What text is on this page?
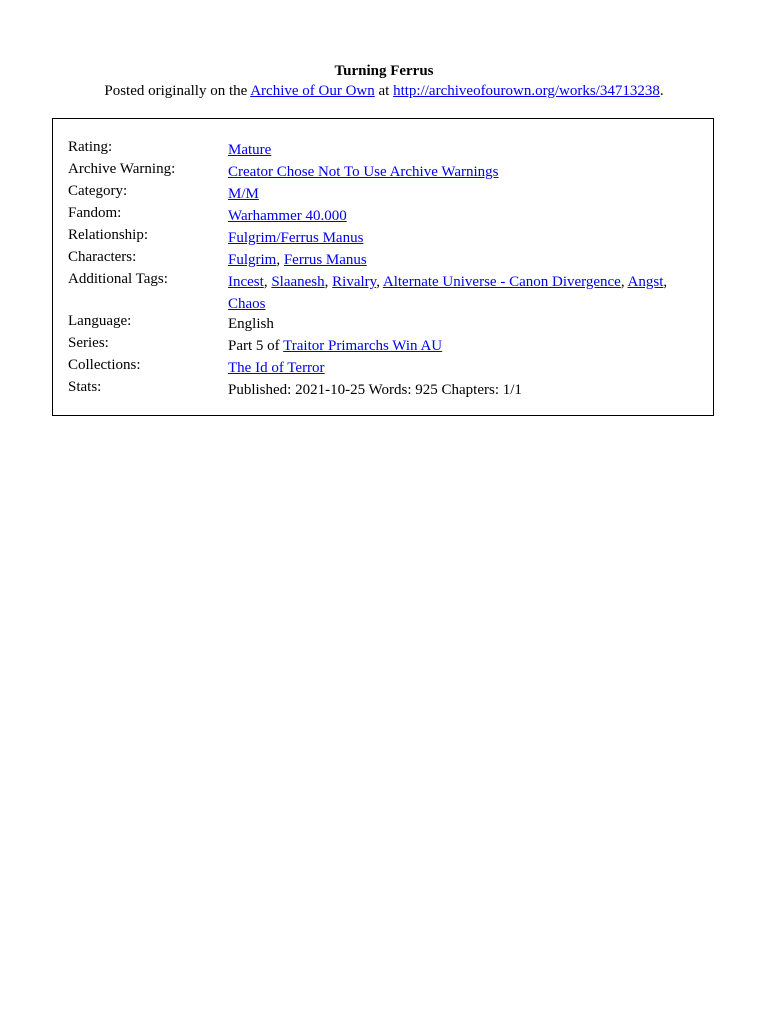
Turning Ferrus
Posted originally on the Archive of Our Own at http://archiveofourown.org/works/34713238.
Rating:	Mature
Archive Warning:	Creator Chose Not To Use Archive Warnings
Category:	M/M
Fandom:	Warhammer 40.000
Relationship:	Fulgrim/Ferrus Manus
Characters:	Fulgrim, Ferrus Manus
Additional Tags:	Incest, Slaanesh, Rivalry, Alternate Universe - Canon Divergence, Angst, Chaos
Language:	English
Series:	Part 5 of Traitor Primarchs Win AU
Collections:	The Id of Terror
Stats:	Published: 2021-10-25 Words: 925 Chapters: 1/1
